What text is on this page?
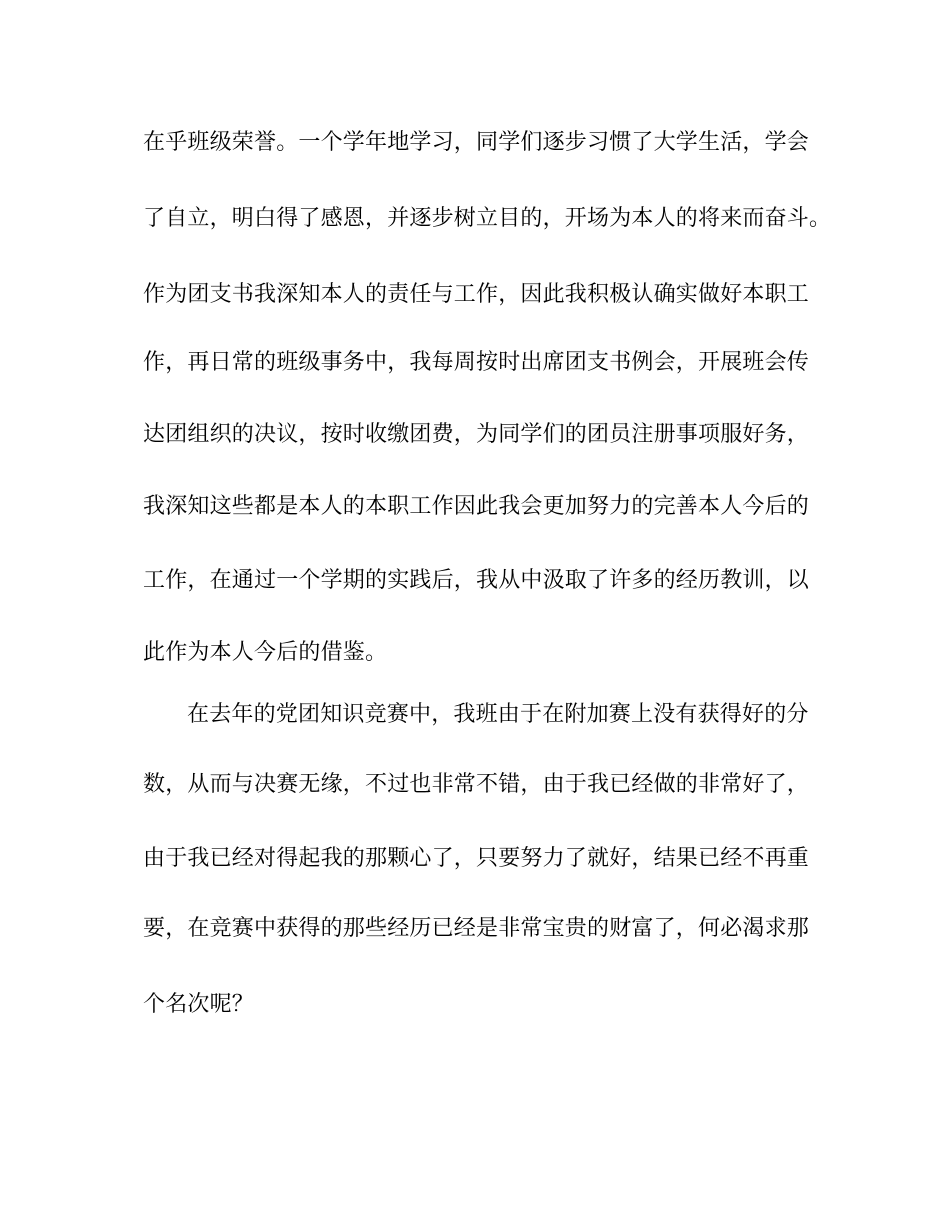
在乎班级荣誉。一个学年地学习，同学们逐步习惯了大学生活，学会
了自立，明白得了感恩，并逐步树立目的，开场为本人的将来而奋斗。
作为团支书我深知本人的责任与工作，因此我积极认确实做好本职工
作，再日常的班级事务中，我每周按时出席团支书例会，开展班会传
达团组织的决议，按时收缴团费，为同学们的团员注册事项服好务，
我深知这些都是本人的本职工作因此我会更加努力的完善本人今后的
工作，在通过一个学期的实践后，我从中汲取了许多的经历教训，以
此作为本人今后的借鉴。
在去年的党团知识竞赛中，我班由于在附加赛上没有获得好的分
数，从而与决赛无缘，不过也非常不错，由于我已经做的非常好了，
由于我已经对得起我的那颗心了，只要努力了就好，结果已经不再重
要，在竞赛中获得的那些经历已经是非常宝贵的财富了，何必渴求那
个名次呢？
